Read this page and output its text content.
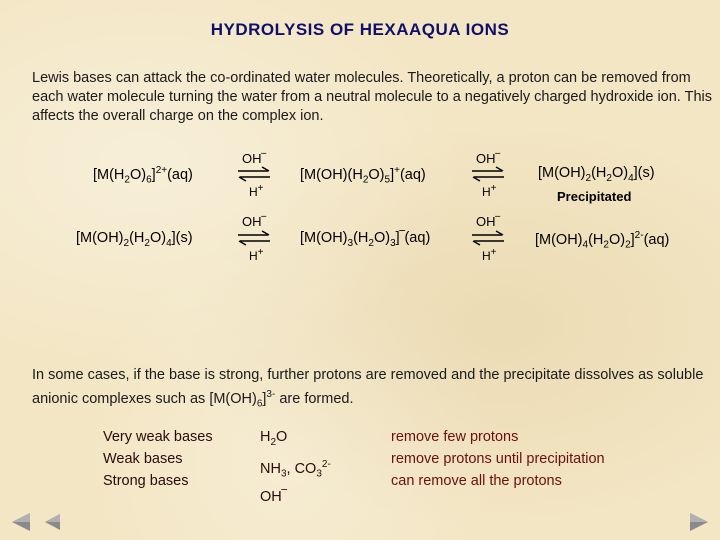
HYDROLYSIS OF HEXAAQUA IONS
Lewis bases can attack the co-ordinated water molecules. Theoretically, a proton can be removed from each water molecule turning the water from a neutral molecule to a negatively charged hydroxide ion. This affects the overall charge on the complex ion.
$[M(H_2O)_6]^{2+}(aq)$
OH‾
H+
$[M(OH)(H_2O)_5]^+(aq)$
OH‾
H+
$[M(OH)_2(H_2O)_4](s)$
Precipitated
$[M(OH)_2(H_2O)_4](s)$
OH‾
H+
$[M(OH)_3(H_2O)_3]‾(aq)$
OH‾
H+
$[M(OH)_4(H_2O)_2]^{2-}(aq)$
In some cases, if the base is strong, further protons are removed and the precipitate dissolves as soluble anionic complexes such as $[M(OH)_6]^{3-}$ are formed.
Very weak bases
Weak bases
Strong bases
$H_2O$
$NH_3$, $CO_3^{2-}$
OH‾
remove few protons
remove protons until precipitation
can remove all the protons
